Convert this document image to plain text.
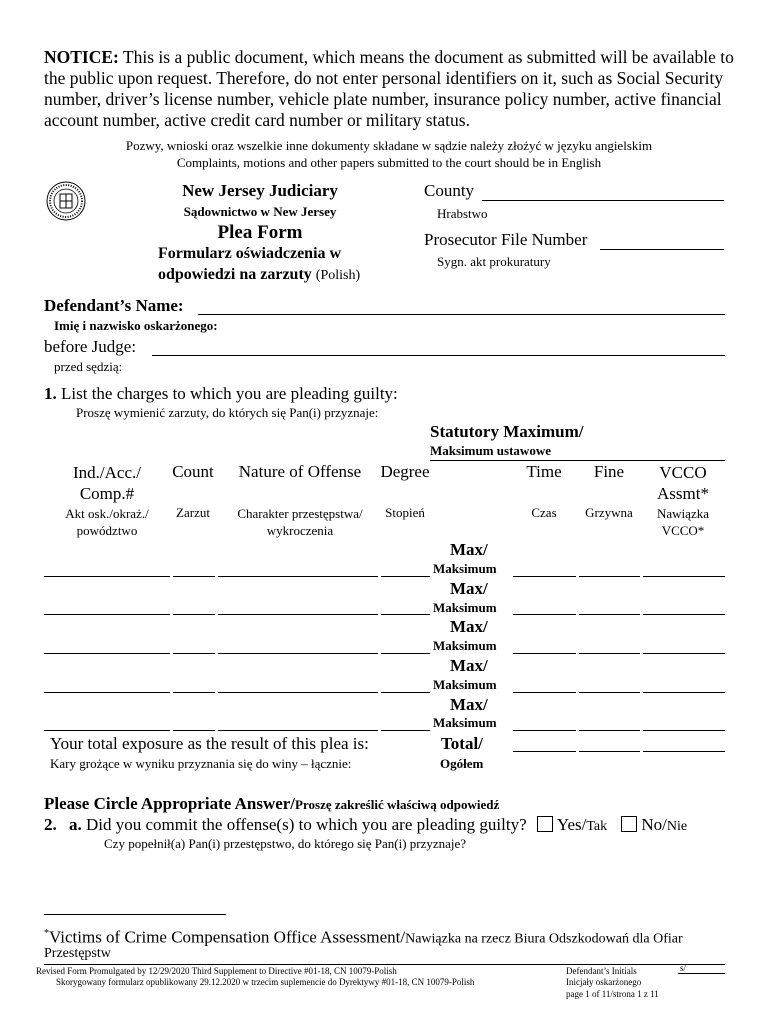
NOTICE: This is a public document, which means the document as submitted will be available to the public upon request. Therefore, do not enter personal identifiers on it, such as Social Security number, driver’s license number, vehicle plate number, insurance policy number, active financial account number, active credit card number or military status.
Pozwy, wnioski oraz wszelkie inne dokumenty składane w sądzie należy złożyć w języku angielskim
Complaints, motions and other papers submitted to the court should be in English
New Jersey Judiciary
Sądownictwo w New Jersey
Plea Form
Formularz oświadczenia w
odpowiedzi na zarzuty (Polish)
County
Hrabstwo
Prosecutor File Number
Sygn. akt prokuratury
Defendant’s Name:
Imię i nazwisko oskarżonego:
before Judge:
przed sędzią:
1. List the charges to which you are pleading guilty:
Proszę wymienić zarzuty, do których się Pan(i) przyznaje:
Statutory Maximum/
Maksimum ustawowe
Ind./Acc./
Comp.#
Akt osk./okraż./
powództwo
Count
Zarzut
Nature of Offense
Charakter przestępstwa/
wykroczenia
Degree
Stopień
Time
Czas
Fine
Grzywna
VCCO
Assmt*
Nawiązka
VCCO*
Max/
Maksimum
Max/
Maksimum
Max/
Maksimum
Max/
Maksimum
Max/
Maksimum
Your total exposure as the result of this plea is:
Kary grożące w wyniku przyznania się do winy – łącznie:
Total/
Ogółem
Please Circle Appropriate Answer/Proszę zakreślić właściwą odpowiedź
2. a. Did you commit the offense(s) to which you are pleading guilty? Yes/Tak No/Nie
Czy popełnił(a) Pan(i) przestępstwo, do którego się Pan(i) przyznaje?
*Victims of Crime Compensation Office Assessment/Nawiązka na rzecz Biura Odszkodowań dla Ofiar
Przestępstw
Revised Form Promulgated by 12/29/2020 Third Supplement to Directive #01-18, CN 10079-Polish
Skorygowany formularz opublikowany 29.12.2020 w trzecim suplemencie do Dyrektywy #01-18, CN 10079-Polish
Defendant’s Initials
Inicjały oskarżonego
s/
page 1 of 11/strona 1 z 11
